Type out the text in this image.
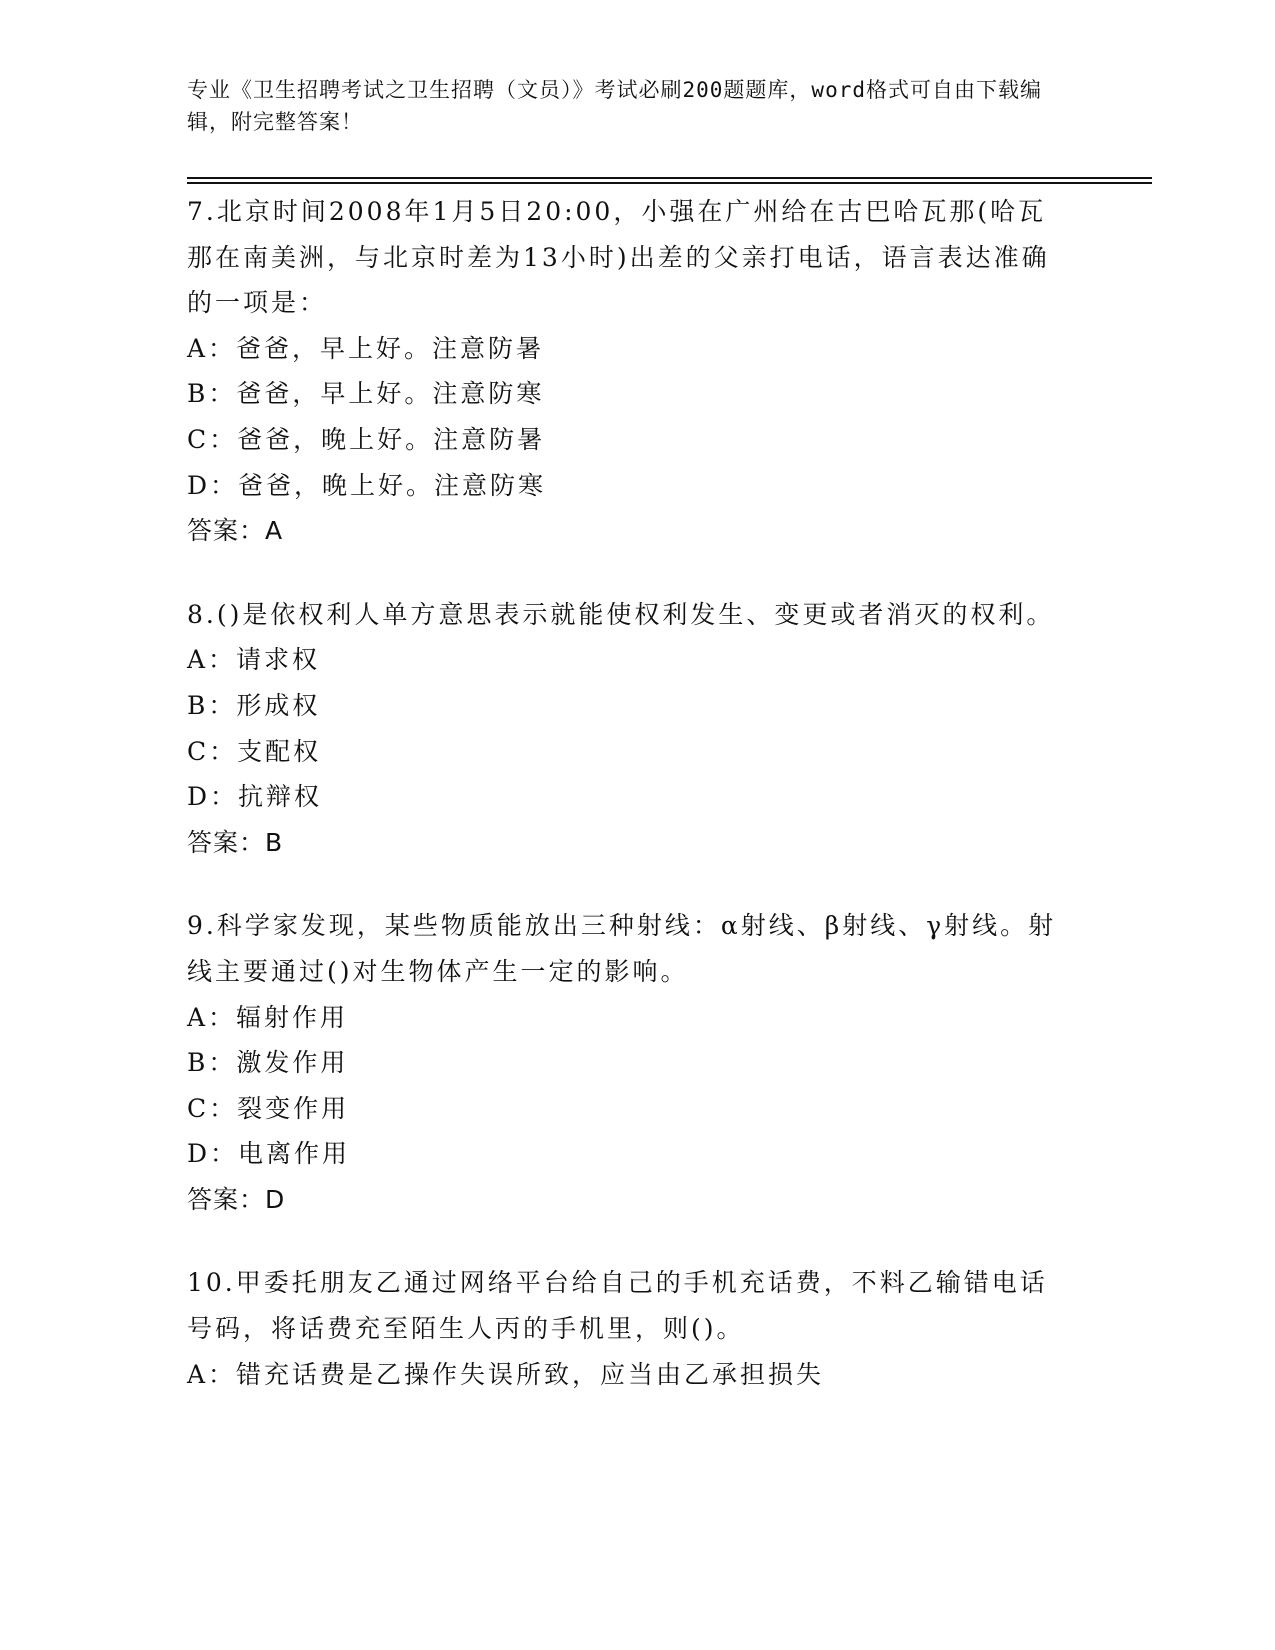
专业《卫生招聘考试之卫生招聘（文员）》考试必刷200题题库，word格式可自由下载编辑，附完整答案！
7.北京时间2008年1月5日20:00，小强在广州给在古巴哈瓦那(哈瓦那在南美洲，与北京时差为13小时)出差的父亲打电话，语言表达准确的一项是：
A：爸爸，早上好。注意防暑
B：爸爸，早上好。注意防寒
C：爸爸，晚上好。注意防暑
D：爸爸，晚上好。注意防寒
答案：A
8.()是依权利人单方意思表示就能使权利发生、变更或者消灭的权利。
A：请求权
B：形成权
C：支配权
D：抗辩权
答案：B
9.科学家发现，某些物质能放出三种射线：α射线、β射线、γ射线。射线主要通过()对生物体产生一定的影响。
A：辐射作用
B：激发作用
C：裂变作用
D：电离作用
答案：D
10.甲委托朋友乙通过网络平台给自己的手机充话费，不料乙输错电话号码，将话费充至陌生人丙的手机里，则()。
A：错充话费是乙操作失误所致，应当由乙承担损失
